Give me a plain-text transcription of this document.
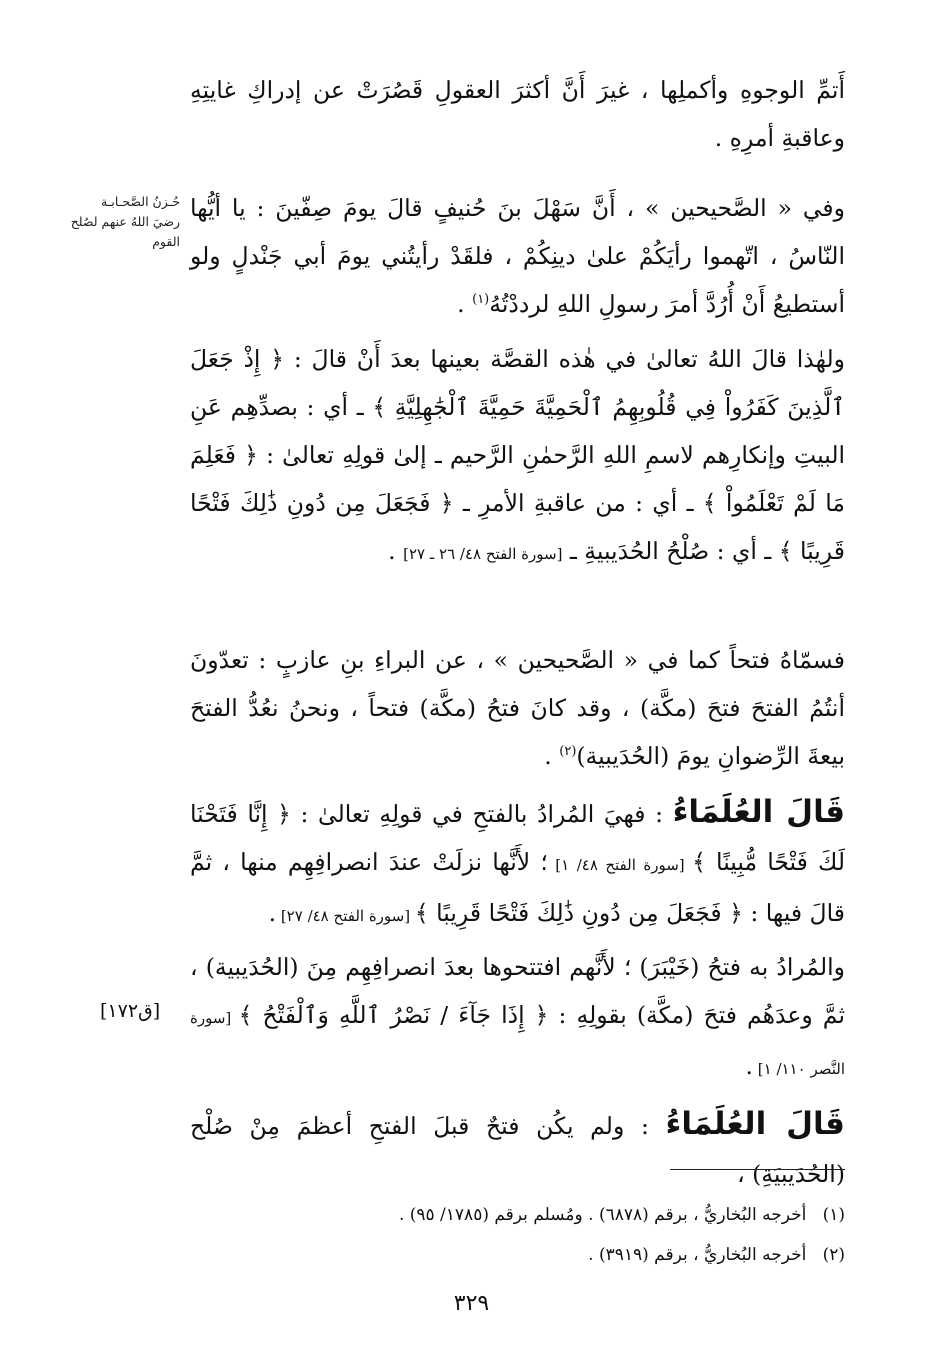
أَتمِّ الوجوهِ وأكملِها ، غيرَ أَنَّ أكثرَ العقولِ قَصُرَتْ عن إدراكِ غايتِهِ وعاقبةِ أمرِهِ .

حُـزنُ الصَّحـابـة
رضيَ اللهُ عنهم لصُلح
القوم

وفي « الصَّحيحين » ، أَنَّ سَهْلَ بنَ حُنيفٍ قالَ يومَ صِفّينَ : يا أيُّها النّاسُ ، اتّهموا رأيَكُمْ علىٰ دينِكُمْ ، فلقَدْ رأيتُني يومَ أبي جَنْدلٍ ولو أستطيعُ أَنْ أُرُدَّ أمرَ رسولِ اللهِ لرددْتُهُ$^{(١)}$ .

ولهٰذا قالَ اللهُ تعالىٰ في هٰذه القصَّة بعينها بعدَ أَنْ قالَ : ﴿ إِذْ جَعَلَ ٱلَّذِينَ كَفَرُواْ فِي قُلُوبِهِمُ ٱلْحَمِيَّةَ حَمِيَّةَ ٱلْجَٰهِلِيَّةِ ﴾ ـ أي : بصدِّهِم عَنِ البيتِ وإنكارِهم لاسمِ اللهِ الرَّحمٰنِ الرَّحيم ـ إلىٰ قولِهِ تعالىٰ : ﴿ فَعَلِمَ مَا لَمْ تَعْلَمُواْ ﴾ ـ أي : من عاقبةِ الأمرِ ـ ﴿ فَجَعَلَ مِن دُونِ ذَٰلِكَ فَتْحًا قَرِيبًا ﴾ ـ أي : صُلْحُ الحُدَيبيةِ ـ [سورة الفتح ٤٨/ ٢٦ ـ ٢٧] .

فسمّاهُ فتحاً كما في « الصَّحيحين » ، عن البراءِ بنِ عازبٍ : تعدّونَ أنتُمُ الفتحَ فتحَ (مكَّة) ، وقد كانَ فتحُ (مكَّة) فتحاً ، ونحنُ نعُدُّ الفتحَ بيعةَ الرِّضوانِ يومَ (الحُدَيبية)$^{(٢)}$ .

قَالَ العُلَمَاءُ : فهيَ المُرادُ بالفتحِ في قولِهِ تعالىٰ : ﴿ إِنَّا فَتَحْنَا لَكَ فَتْحًا مُّبِينًا ﴾ [سورة الفتح ٤٨/ ١] ؛ لأَنَّها نزلَتْ عندَ انصرافِهِم منها ، ثمَّ قالَ فيها : ﴿ فَجَعَلَ مِن دُونِ ذَٰلِكَ فَتْحًا قَرِيبًا ﴾ [سورة الفتح ٤٨/ ٢٧] .

[ق١٧٢]

والمُرادُ به فتحُ (خَيْبَرَ) ؛ لأَنَّهم افتتحوها بعدَ انصرافِهِم مِنَ (الحُدَيبية) ، ثمَّ وعدَهُم فتحَ (مكَّة) بقولِهِ : ﴿ إِذَا جَآءَ / نَصْرُ ٱللَّهِ وَٱلْفَتْحُ ﴾ [سورة النَّصر ١١٠/ ١] .

قَالَ العُلَمَاءُ : ولم يكُن فتحٌ قبلَ الفتحِ أعظمَ مِنْ صُلْح (الحُدَيبيَةِ) ،

(١)   أخرجه البُخاريُّ ، برقم (٦٨٧٨) . ومُسلم برقم (١٧٨٥/ ٩٥) .

(٢)   أخرجه البُخاريُّ ، برقم (٣٩١٩) .

٣٢٩
